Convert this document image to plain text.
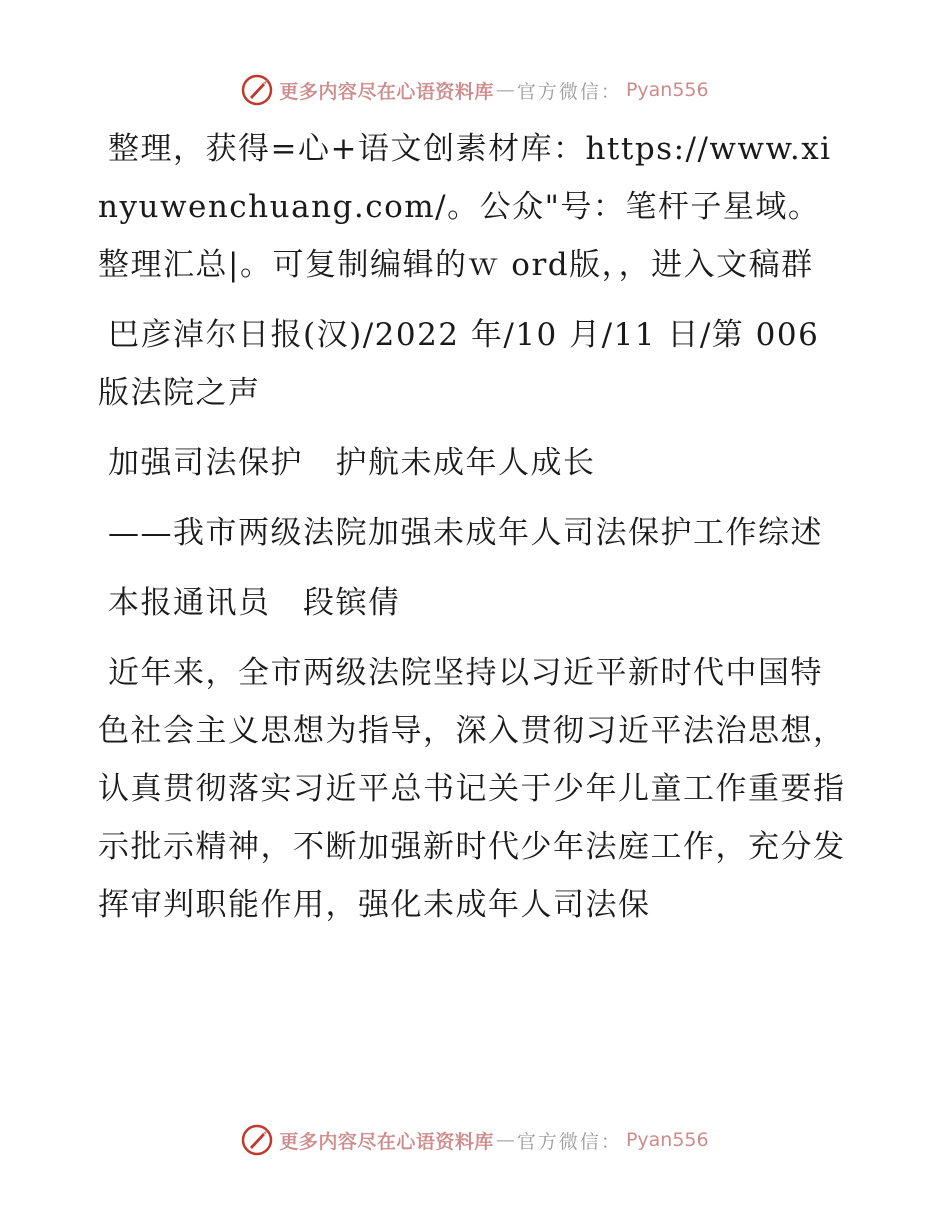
更多内容尽在心语资料库 — 官方微信： Pyan556

整理，获得=心+语文创素材库：https://www.xinyuwenchuang.com/。公众"号：笔杆子星域。整理汇总|。可复制编辑的ｗ ord版，，进入文稿群

巴彦淖尔日报(汉)/2022 年/10 月/11 日/第 006 版法院之声

加强司法保护　护航未成年人成长

——我市两级法院加强未成年人司法保护工作综述

本报通讯员　段镔倩

近年来，全市两级法院坚持以习近平新时代中国特色社会主义思想为指导，深入贯彻习近平法治思想，认真贯彻落实习近平总书记关于少年儿童工作重要指示批示精神，不断加强新时代少年法庭工作，充分发挥审判职能作用，强化未成年人司法保

更多内容尽在心语资料库 — 官方微信： Pyan556
